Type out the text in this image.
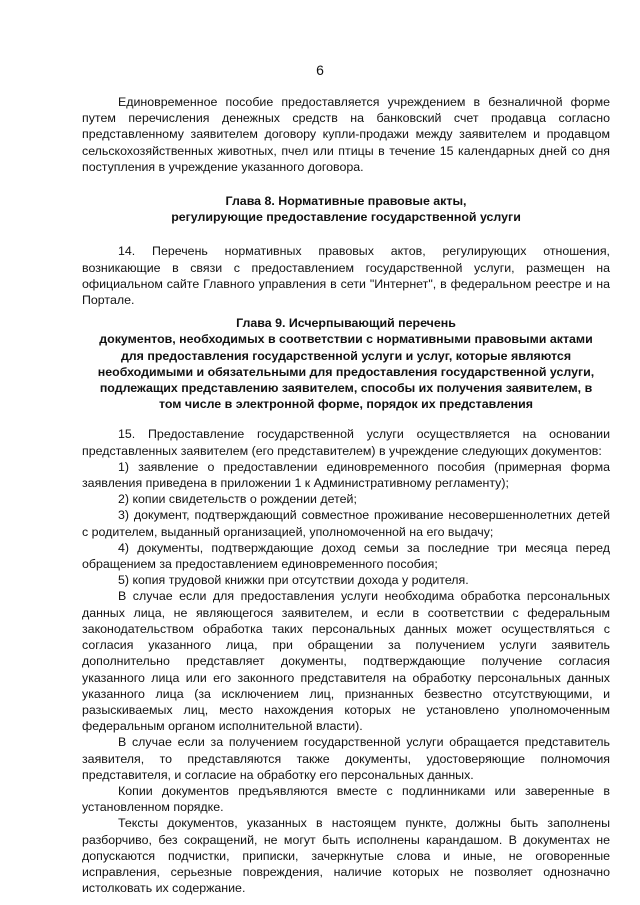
6

Единовременное пособие предоставляется учреждением в безналичной форме путем перечисления денежных средств на банковский счет продавца согласно представленному заявителем договору купли-продажи между заявителем и продавцом сельскохозяйственных животных, пчел или птицы в течение 15 календарных дней со дня поступления в учреждение указанного договора.

Глава 8. Нормативные правовые акты,

регулирующие предоставление государственной услуги

14. Перечень нормативных правовых актов, регулирующих отношения, возникающие в связи с предоставлением государственной услуги, размещен на официальном сайте Главного управления в сети "Интернет", в федеральном реестре и на Портале.

Глава 9. Исчерпывающий перечень

документов, необходимых в соответствии с нормативными правовыми актами

для предоставления государственной услуги и услуг, которые являются

необходимыми и обязательными для предоставления государственной услуги,

подлежащих представлению заявителем, способы их получения заявителем, в

том числе в электронной форме, порядок их представления

15. Предоставление государственной услуги осуществляется на основании представленных заявителем (его представителем) в учреждение следующих документов:

1) заявление о предоставлении единовременного пособия (примерная форма заявления приведена в приложении 1 к Административному регламенту);

2) копии свидетельств о рождении детей;

3) документ, подтверждающий совместное проживание несовершеннолетних детей с родителем, выданный организацией, уполномоченной на его выдачу;

4) документы, подтверждающие доход семьи за последние три месяца перед обращением за предоставлением единовременного пособия;

5) копия трудовой книжки при отсутствии дохода у родителя.

В случае если для предоставления услуги необходима обработка персональных данных лица, не являющегося заявителем, и если в соответствии с федеральным законодательством обработка таких персональных данных может осуществляться с согласия указанного лица, при обращении за получением услуги заявитель дополнительно представляет документы, подтверждающие получение согласия указанного лица или его законного представителя на обработку персональных данных указанного лица (за исключением лиц, признанных безвестно отсутствующими, и разыскиваемых лиц, место нахождения которых не установлено уполномоченным федеральным органом исполнительной власти).

В случае если за получением государственной услуги обращается представитель заявителя, то представляются также документы, удостоверяющие полномочия представителя, и согласие на обработку его персональных данных.

Копии документов предъявляются вместе с подлинниками или заверенные в установленном порядке.

Тексты документов, указанных в настоящем пункте, должны быть заполнены разборчиво, без сокращений, не могут быть исполнены карандашом. В документах не допускаются подчистки, приписки, зачеркнутые слова и иные, не оговоренные исправления, серьезные повреждения, наличие которых не позволяет однозначно истолковать их содержание.
